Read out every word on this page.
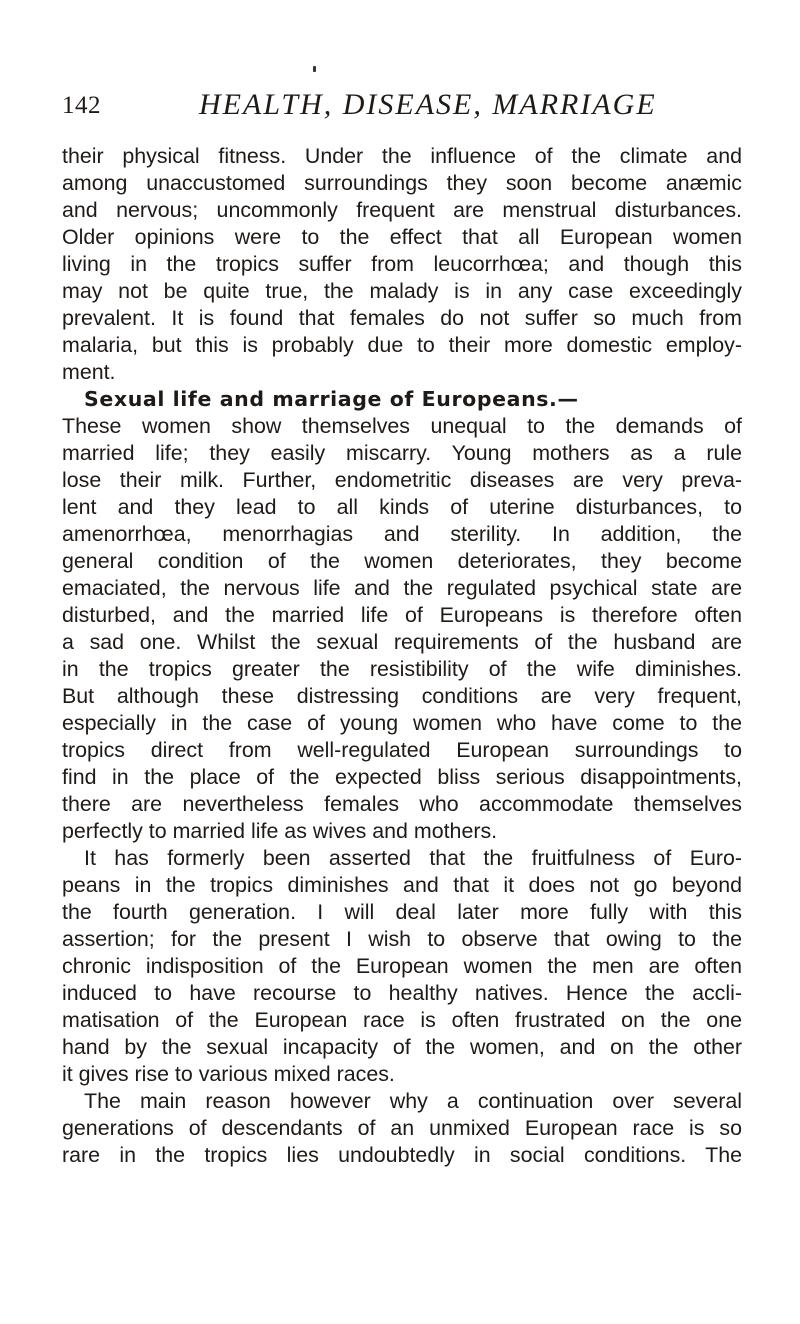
142	HEALTH, DISEASE, MARRIAGE
their physical fitness. Under the influence of the climate and
among unaccustomed surroundings they soon become anæmic
and nervous; uncommonly frequent are menstrual disturbances.
Older opinions were to the effect that all European women
living in the tropics suffer from leucorrhœa; and though this
may not be quite true, the malady is in any case exceedingly
prevalent. It is found that females do not suffer so much from
malaria, but this is probably due to their more domestic employ-
ment.
Sexual life and marriage of Europeans.—
These women show themselves unequal to the demands of
married life; they easily miscarry. Young mothers as a rule
lose their milk. Further, endometritic diseases are very preva-
lent and they lead to all kinds of uterine disturbances, to
amenorrhœa, menorrhagias and sterility. In addition, the
general condition of the women deteriorates, they become
emaciated, the nervous life and the regulated psychical state are
disturbed, and the married life of Europeans is therefore often
a sad one. Whilst the sexual requirements of the husband are
in the tropics greater the resistibility of the wife diminishes.
But although these distressing conditions are very frequent,
especially in the case of young women who have come to the
tropics direct from well-regulated European surroundings to
find in the place of the expected bliss serious disappointments,
there are nevertheless females who accommodate themselves
perfectly to married life as wives and mothers.
It has formerly been asserted that the fruitfulness of Euro-
peans in the tropics diminishes and that it does not go beyond
the fourth generation. I will deal later more fully with this
assertion; for the present I wish to observe that owing to the
chronic indisposition of the European women the men are often
induced to have recourse to healthy natives. Hence the accli-
matisation of the European race is often frustrated on the one
hand by the sexual incapacity of the women, and on the other
it gives rise to various mixed races.
The main reason however why a continuation over several
generations of descendants of an unmixed European race is so
rare in the tropics lies undoubtedly in social conditions. The
